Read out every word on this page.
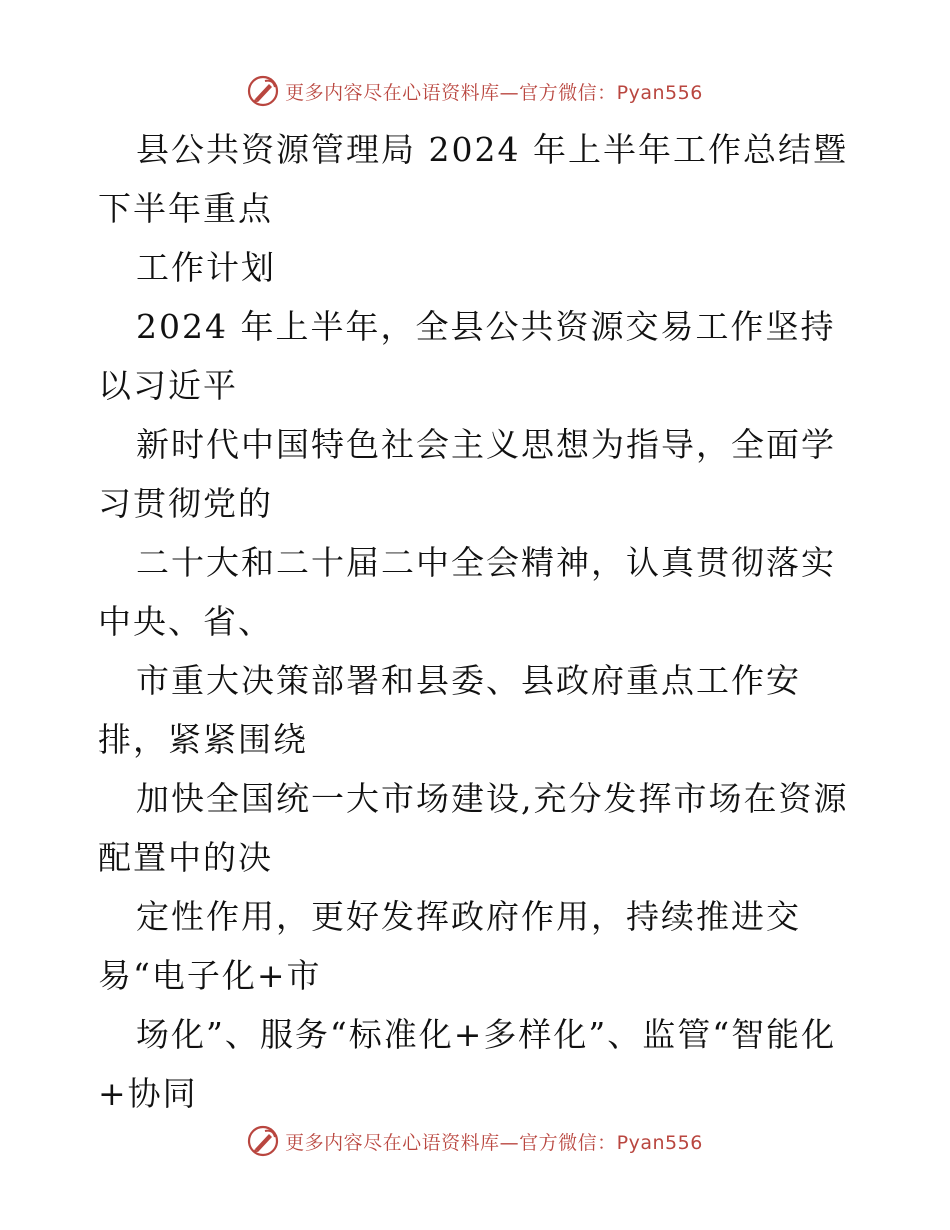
更多内容尽在心语资料库—官方微信：Pyan556

县公共资源管理局 2024 年上半年工作总结暨下半年重点

工作计划

2024 年上半年，全县公共资源交易工作坚持以习近平

新时代中国特色社会主义思想为指导，全面学习贯彻党的

二十大和二十届二中全会精神，认真贯彻落实中央、省、

市重大决策部署和县委、县政府重点工作安排，紧紧围绕

加快全国统一大市场建设,充分发挥市场在资源配置中的决

定性作用，更好发挥政府作用，持续推进交易“电子化+市

场化”、服务“标准化+多样化”、监管“智能化+协同

更多内容尽在心语资料库—官方微信：Pyan556
